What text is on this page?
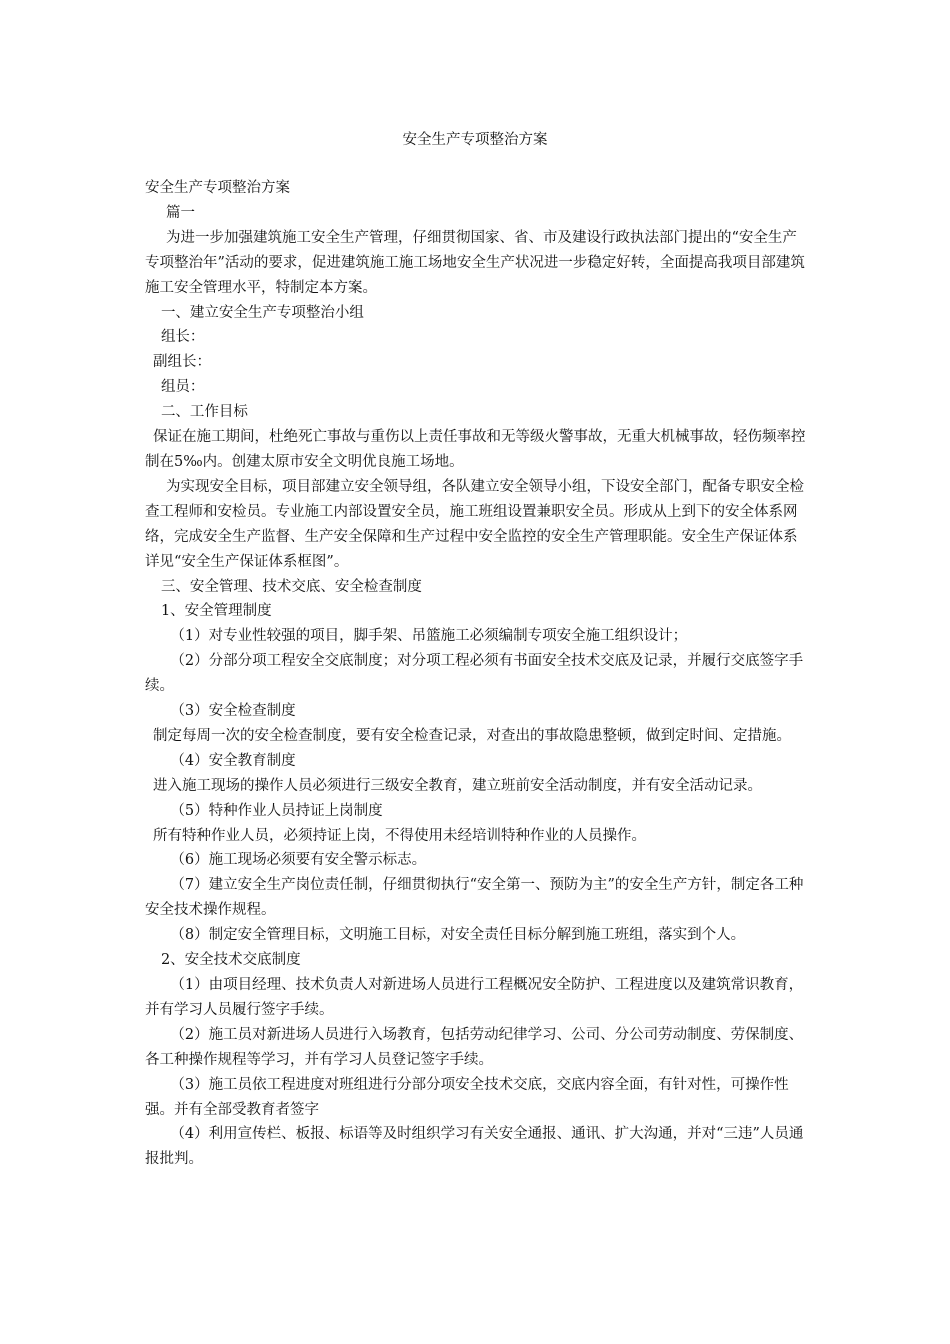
安全生产专项整治方案

安全生产专项整治方案

篇一

为进一步加强建筑施工安全生产管理，仔细贯彻国家、省、市及建设行政执法部门提出的“安全生产专项整治年”活动的要求，促进建筑施工施工场地安全生产状况进一步稳定好转，全面提高我项目部建筑施工安全管理水平，特制定本方案。

一、建立安全生产专项整治小组

组长：

副组长：

组员：

二、工作目标

保证在施工期间，杜绝死亡事故与重伤以上责任事故和无等级火警事故，无重大机械事故，轻伤频率控制在5‰内。创建太原市安全文明优良施工场地。

为实现安全目标，项目部建立安全领导组，各队建立安全领导小组，下设安全部门，配备专职安全检查工程师和安检员。专业施工内部设置安全员，施工班组设置兼职安全员。形成从上到下的安全体系网络，完成安全生产监督、生产安全保障和生产过程中安全监控的安全生产管理职能。安全生产保证体系详见“安全生产保证体系框图”。

三、安全管理、技术交底、安全检查制度

1、安全管理制度

（1）对专业性较强的项目，脚手架、吊篮施工必须编制专项安全施工组织设计；

（2）分部分项工程安全交底制度；对分项工程必须有书面安全技术交底及记录，并履行交底签字手续。

（3）安全检查制度

制定每周一次的安全检查制度，要有安全检查记录，对查出的事故隐患整顿，做到定时间、定措施。

（4）安全教育制度

进入施工现场的操作人员必须进行三级安全教育，建立班前安全活动制度，并有安全活动记录。

（5）特种作业人员持证上岗制度

所有特种作业人员，必须持证上岗，不得使用未经培训特种作业的人员操作。

（6）施工现场必须要有安全警示标志。

（7）建立安全生产岗位责任制，仔细贯彻执行“安全第一、预防为主”的安全生产方针，制定各工种安全技术操作规程。

（8）制定安全管理目标，文明施工目标，对安全责任目标分解到施工班组，落实到个人。

2、安全技术交底制度

（1）由项目经理、技术负责人对新进场人员进行工程概况安全防护、工程进度以及建筑常识教育，并有学习人员履行签字手续。

（2）施工员对新进场人员进行入场教育，包括劳动纪律学习、公司、分公司劳动制度、劳保制度、各工种操作规程等学习，并有学习人员登记签字手续。

（3）施工员依工程进度对班组进行分部分项安全技术交底，交底内容全面，有针对性，可操作性强。并有全部受教育者签字

（4）利用宣传栏、板报、标语等及时组织学习有关安全通报、通讯、扩大沟通，并对“三违”人员通报批判。
